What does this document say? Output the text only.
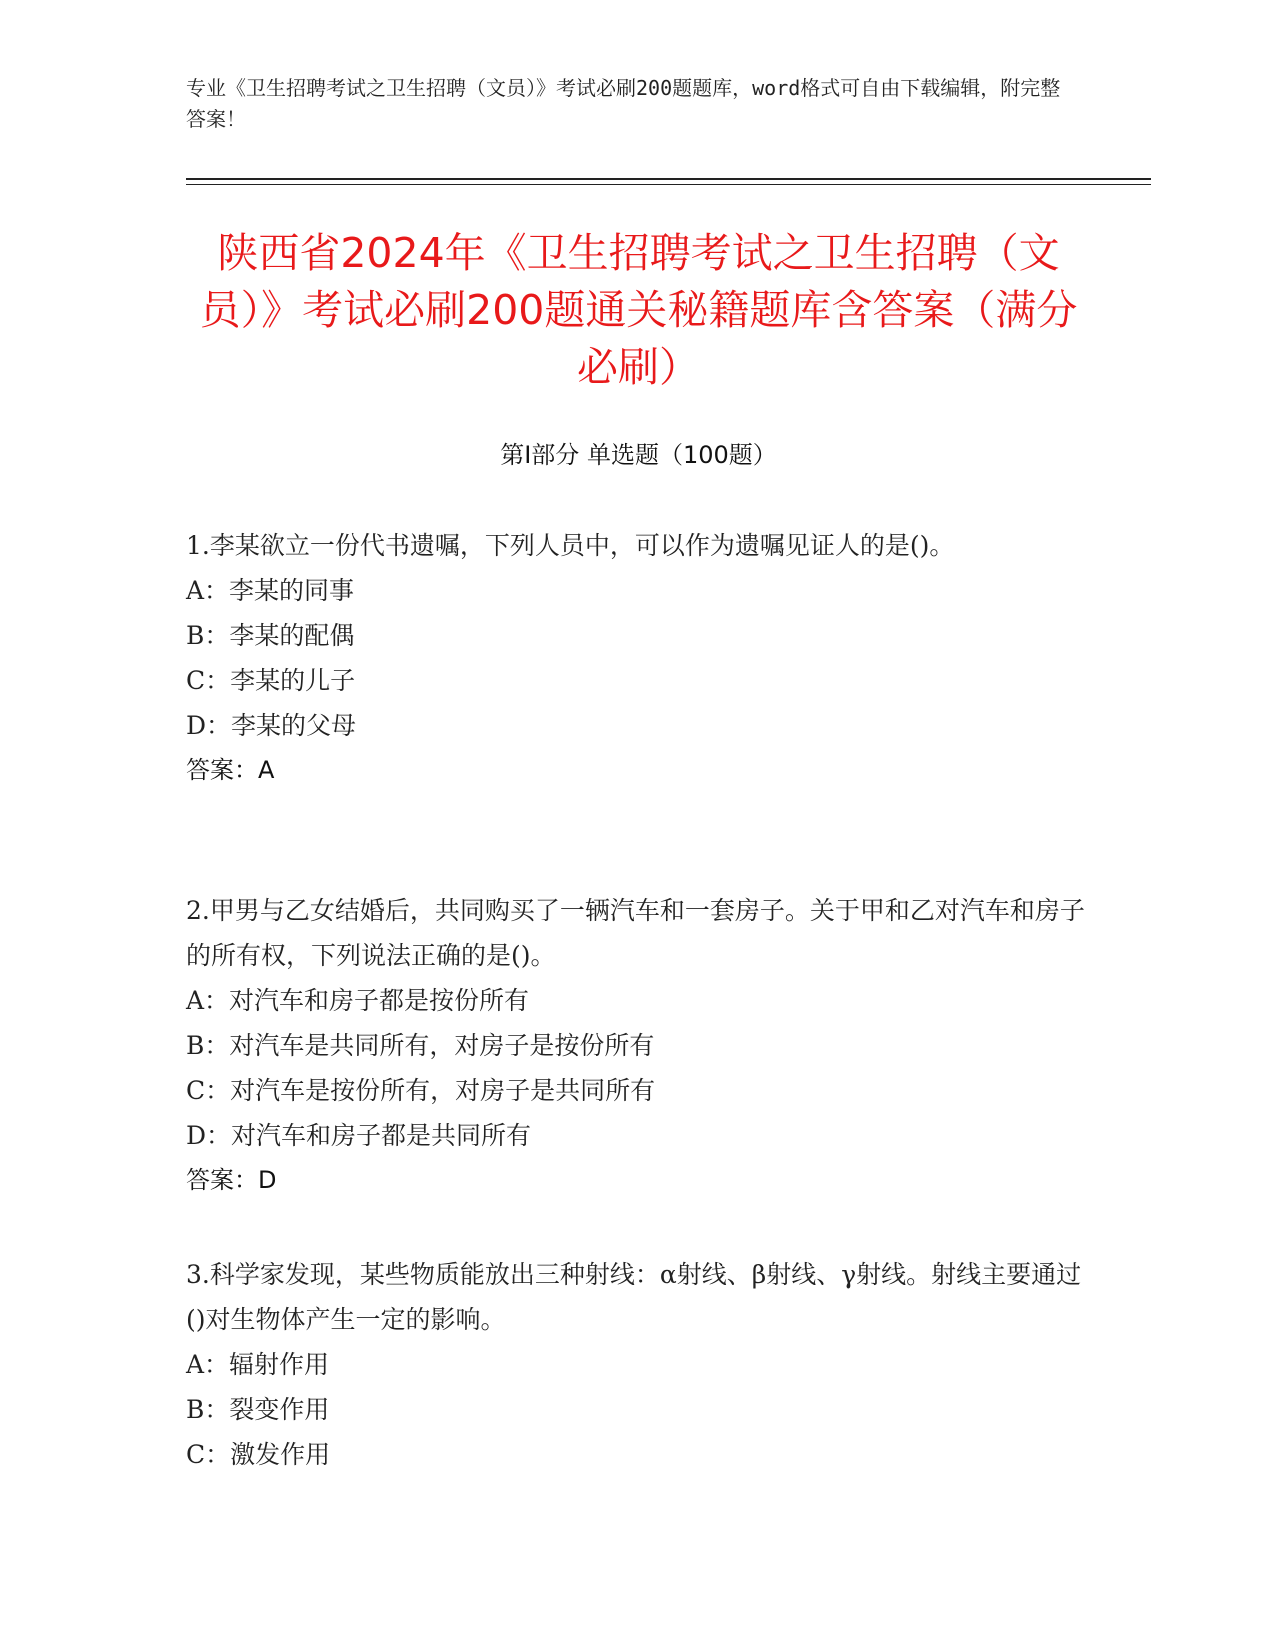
专业《卫生招聘考试之卫生招聘（文员）》考试必刷200题题库，word格式可自由下载编辑，附完整答案！
陕西省2024年《卫生招聘考试之卫生招聘（文员）》考试必刷200题通关秘籍题库含答案（满分必刷）
第Ⅰ部分 单选题（100题）

1.李某欲立一份代书遗嘱，下列人员中，可以作为遗嘱见证人的是()。

A：李某的同事

B：李某的配偶

C：李某的儿子

D：李某的父母

答案：A

2.甲男与乙女结婚后，共同购买了一辆汽车和一套房子。关于甲和乙对汽车和房子的所有权，下列说法正确的是()。

A：对汽车和房子都是按份所有

B：对汽车是共同所有，对房子是按份所有

C：对汽车是按份所有，对房子是共同所有

D：对汽车和房子都是共同所有

答案：D

3.科学家发现，某些物质能放出三种射线：α射线、β射线、γ射线。射线主要通过()对生物体产生一定的影响。

A：辐射作用

B：裂变作用

C：激发作用
